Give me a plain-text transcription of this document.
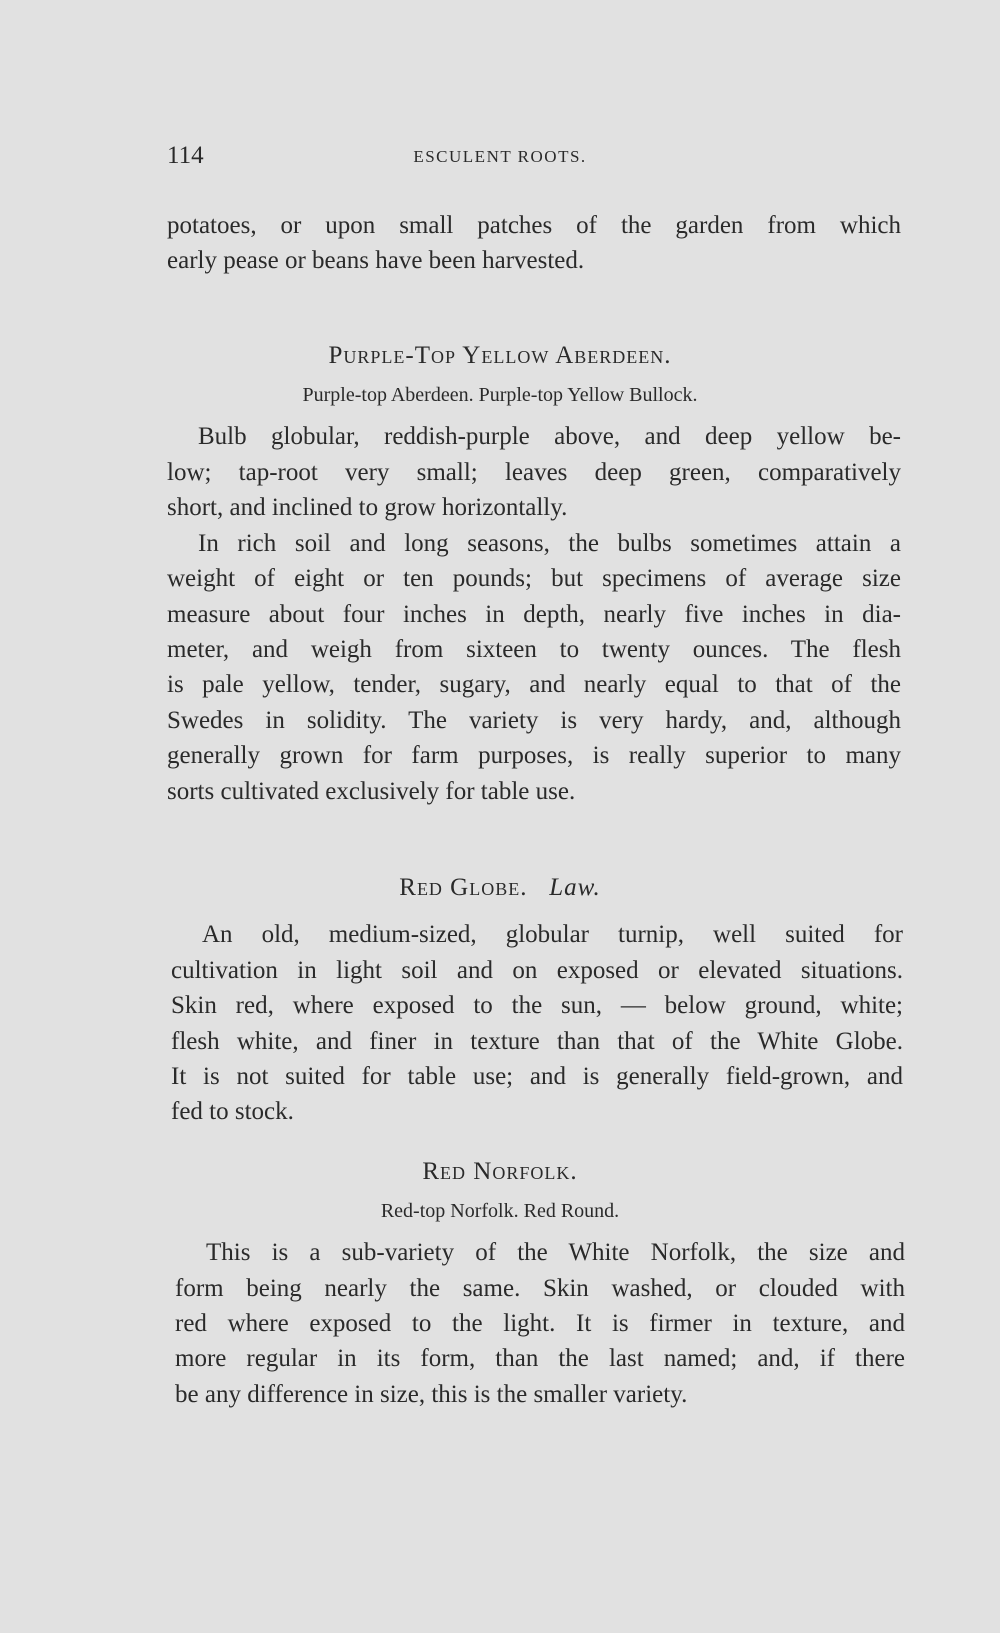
114	ESCULENT ROOTS.
potatoes, or upon small patches of the garden from which
early pease or beans have been harvested.
Purple-Top Yellow Aberdeen.
Purple-top Aberdeen. Purple-top Yellow Bullock.
Bulb globular, reddish-purple above, and deep yellow be-
low; tap-root very small; leaves deep green, comparatively
short, and inclined to grow horizontally.
In rich soil and long seasons, the bulbs sometimes attain a
weight of eight or ten pounds; but specimens of average size
measure about four inches in depth, nearly five inches in dia-
meter, and weigh from sixteen to twenty ounces. The flesh
is pale yellow, tender, sugary, and nearly equal to that of the
Swedes in solidity. The variety is very hardy, and, although
generally grown for farm purposes, is really superior to many
sorts cultivated exclusively for table use.
Red Globe. Law.
An old, medium-sized, globular turnip, well suited for
cultivation in light soil and on exposed or elevated situations.
Skin red, where exposed to the sun, — below ground, white;
flesh white, and finer in texture than that of the White Globe.
It is not suited for table use; and is generally field-grown, and
fed to stock.
Red Norfolk.
Red-top Norfolk. Red Round.
This is a sub-variety of the White Norfolk, the size and
form being nearly the same. Skin washed, or clouded with
red where exposed to the light. It is firmer in texture, and
more regular in its form, than the last named; and, if there
be any difference in size, this is the smaller variety.
